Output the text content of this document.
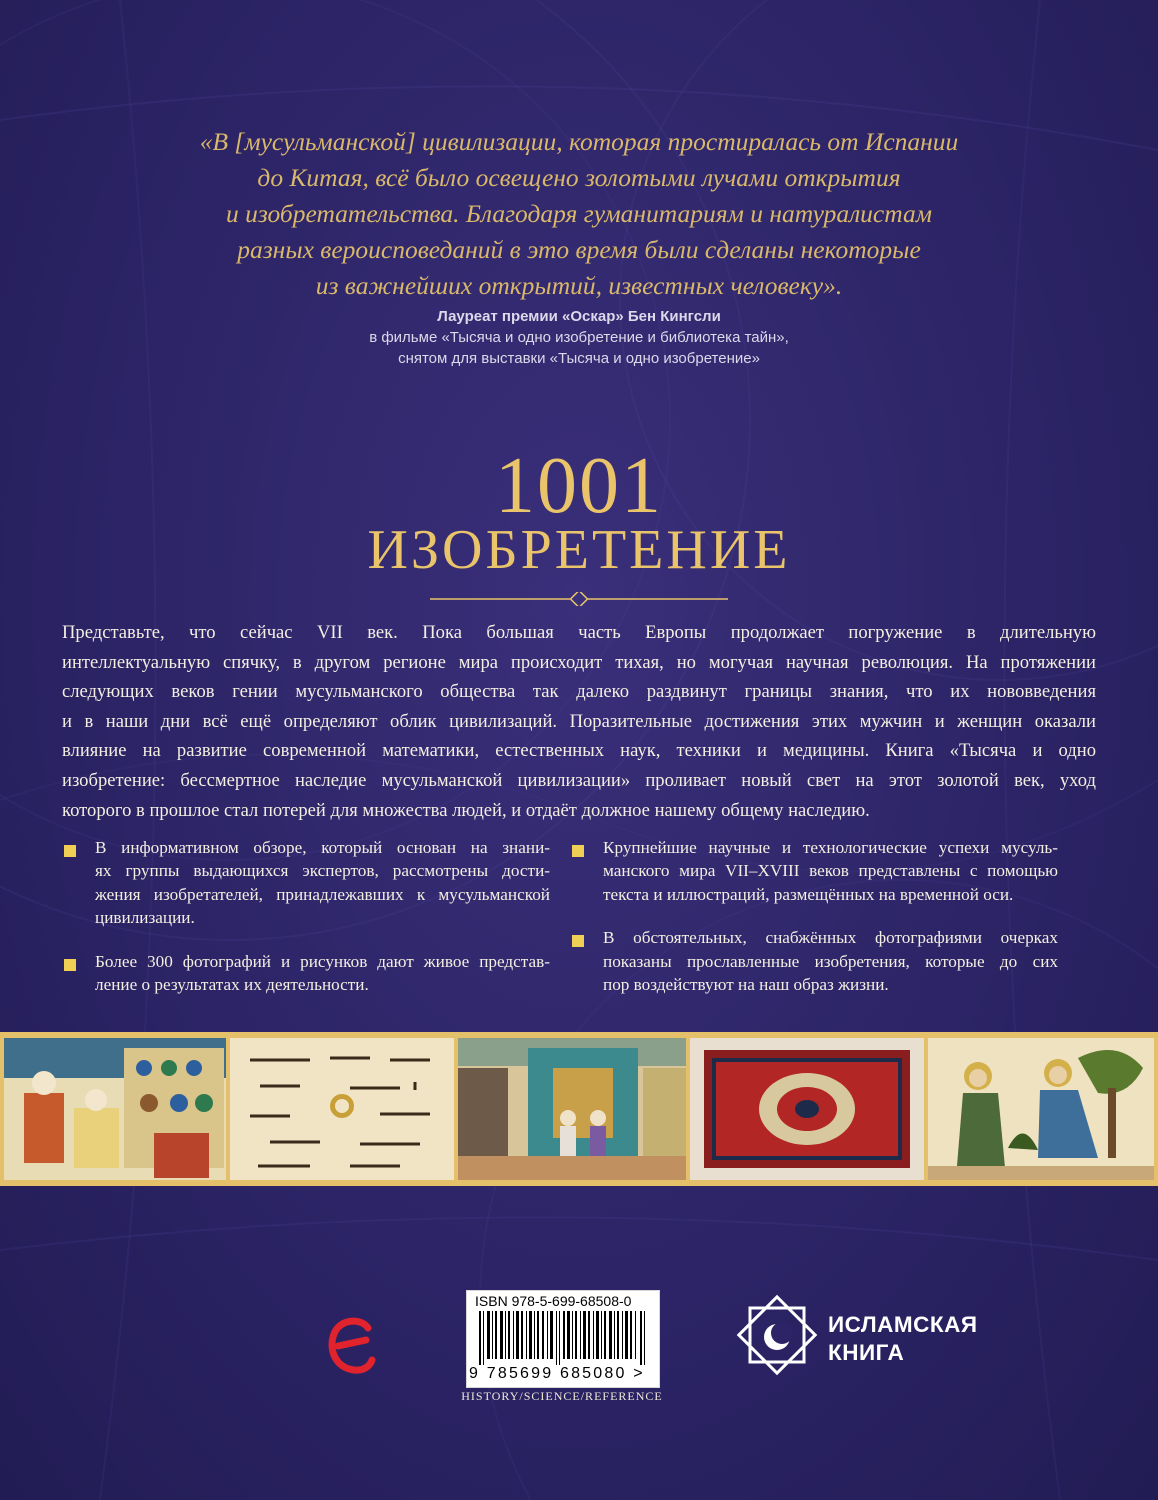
«В [мусульманской] цивилизации, которая простиралась от Испании
до Китая, всё было освещено золотыми лучами открытия
и изобретательства. Благодаря гуманитариям и натуралистам
разных вероисповеданий в это время были сделаны некоторые
из важнейших открытий, известных человеку».
Лауреат премии «Оскар» Бен Кингсли
в фильме «Тысяча и одно изобретение и библиотека тайн»,
снятом для выставки «Тысяча и одно изобретение»
1001
ИЗОБРЕТЕНИЕ
Представьте, что сейчас VII век. Пока большая часть Европы продолжает погружение в длительную
интеллектуальную спячку, в другом регионе мира происходит тихая, но могучая научная революция. На протяжении
следующих веков гении мусульманского общества так далеко раздвинут границы знания, что их нововведения
и в наши дни всё ещё определяют облик цивилизаций. Поразительные достижения этих мужчин и женщин оказали
влияние на развитие современной математики, естественных наук, техники и медицины. Книга «Тысяча и одно
изобретение: бессмертное наследие мусульманской цивилизации» проливает новый свет на этот золотой век, уход
которого в прошлое стал потерей для множества людей, и отдаёт должное нашему общему наследию.
В информативном обзоре, который основан на знани-
ях группы выдающихся экспертов, рассмотрены дости-
жения изобретателей, принадлежавших к мусульманской
цивилизации.
Более 300 фотографий и рисунков дают живое представ-
ление о результатах их деятельности.
Крупнейшие научные и технологические успехи мусуль-
манского мира VII–XVIII веков представлены с помощью
текста и иллюстраций, размещённых на временной оси.
В обстоятельных, снабжённых фотографиями очерках
показаны прославленные изобретения, которые до сих
пор воздействуют на наш образ жизни.
ISBN 978-5-699-68508-0
9 785699 685080 >
HISTORY/SCIENCE/REFERENCE
ИСЛАМСКАЯ
КНИГА
